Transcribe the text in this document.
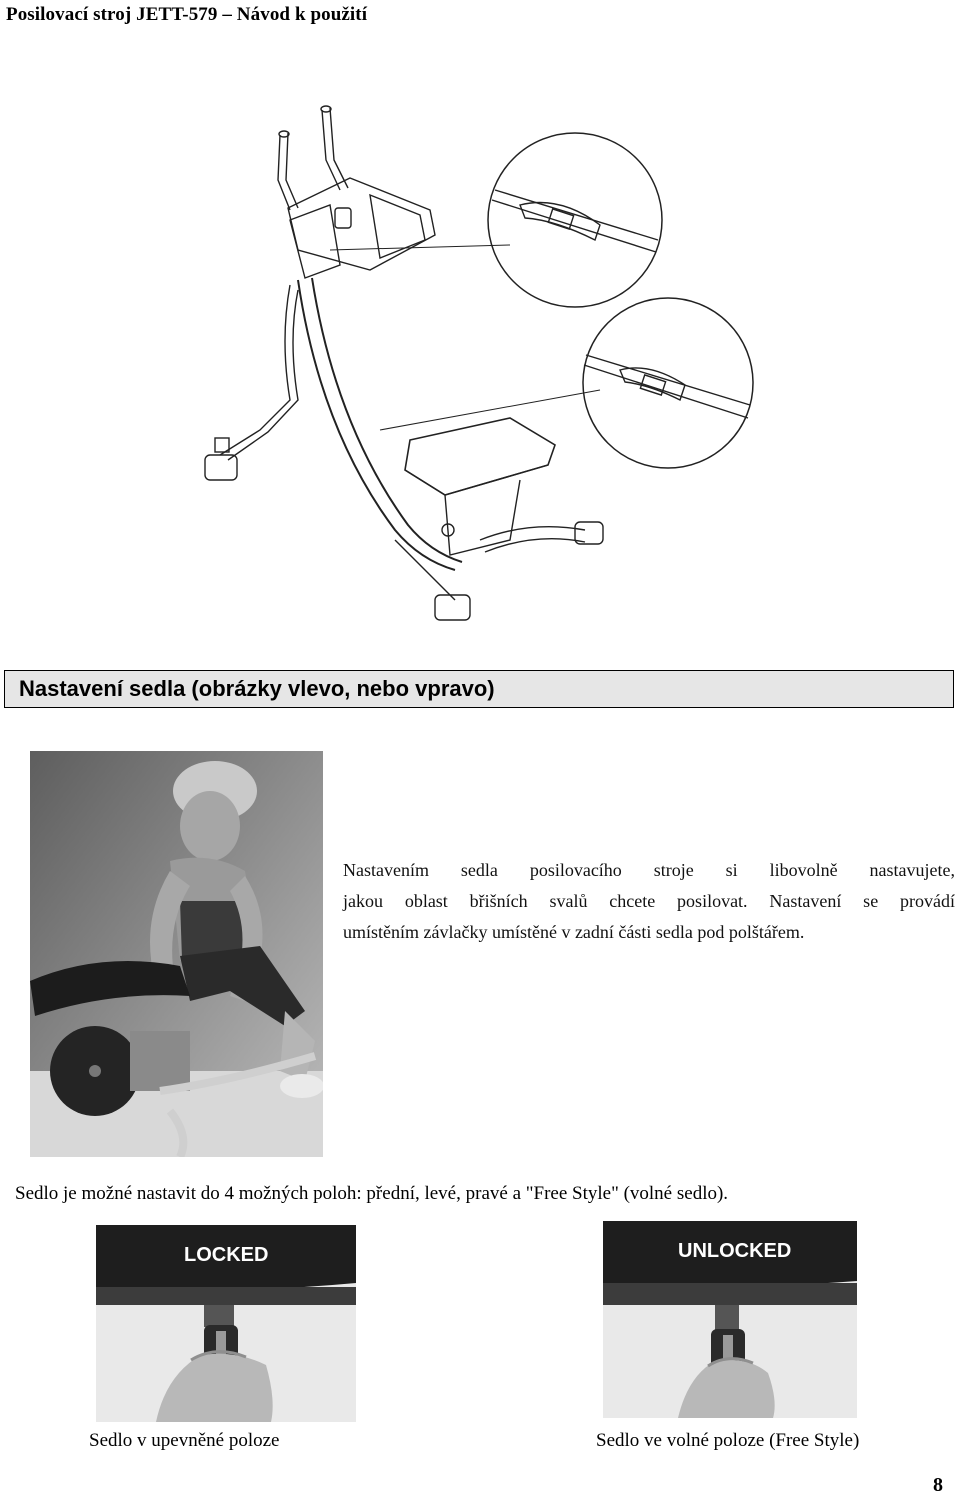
Posilovací stroj JETT-579 – Návod k použití
Nastavení sedla (obrázky vlevo, nebo vpravo)
Nastavením sedla posilovacího stroje si libovolně nastavujete,
jakou oblast břišních svalů chcete posilovat. Nastavení se provádí
umístěním závlačky umístěné v zadní části sedla pod polštářem.
Sedlo je možné nastavit do 4 možných poloh: přední, levé, pravé a "Free Style" (volné sedlo).
LOCKED	UNLOCKED
Sedlo v upevněné poloze	Sedlo ve volné poloze (Free Style)
8
